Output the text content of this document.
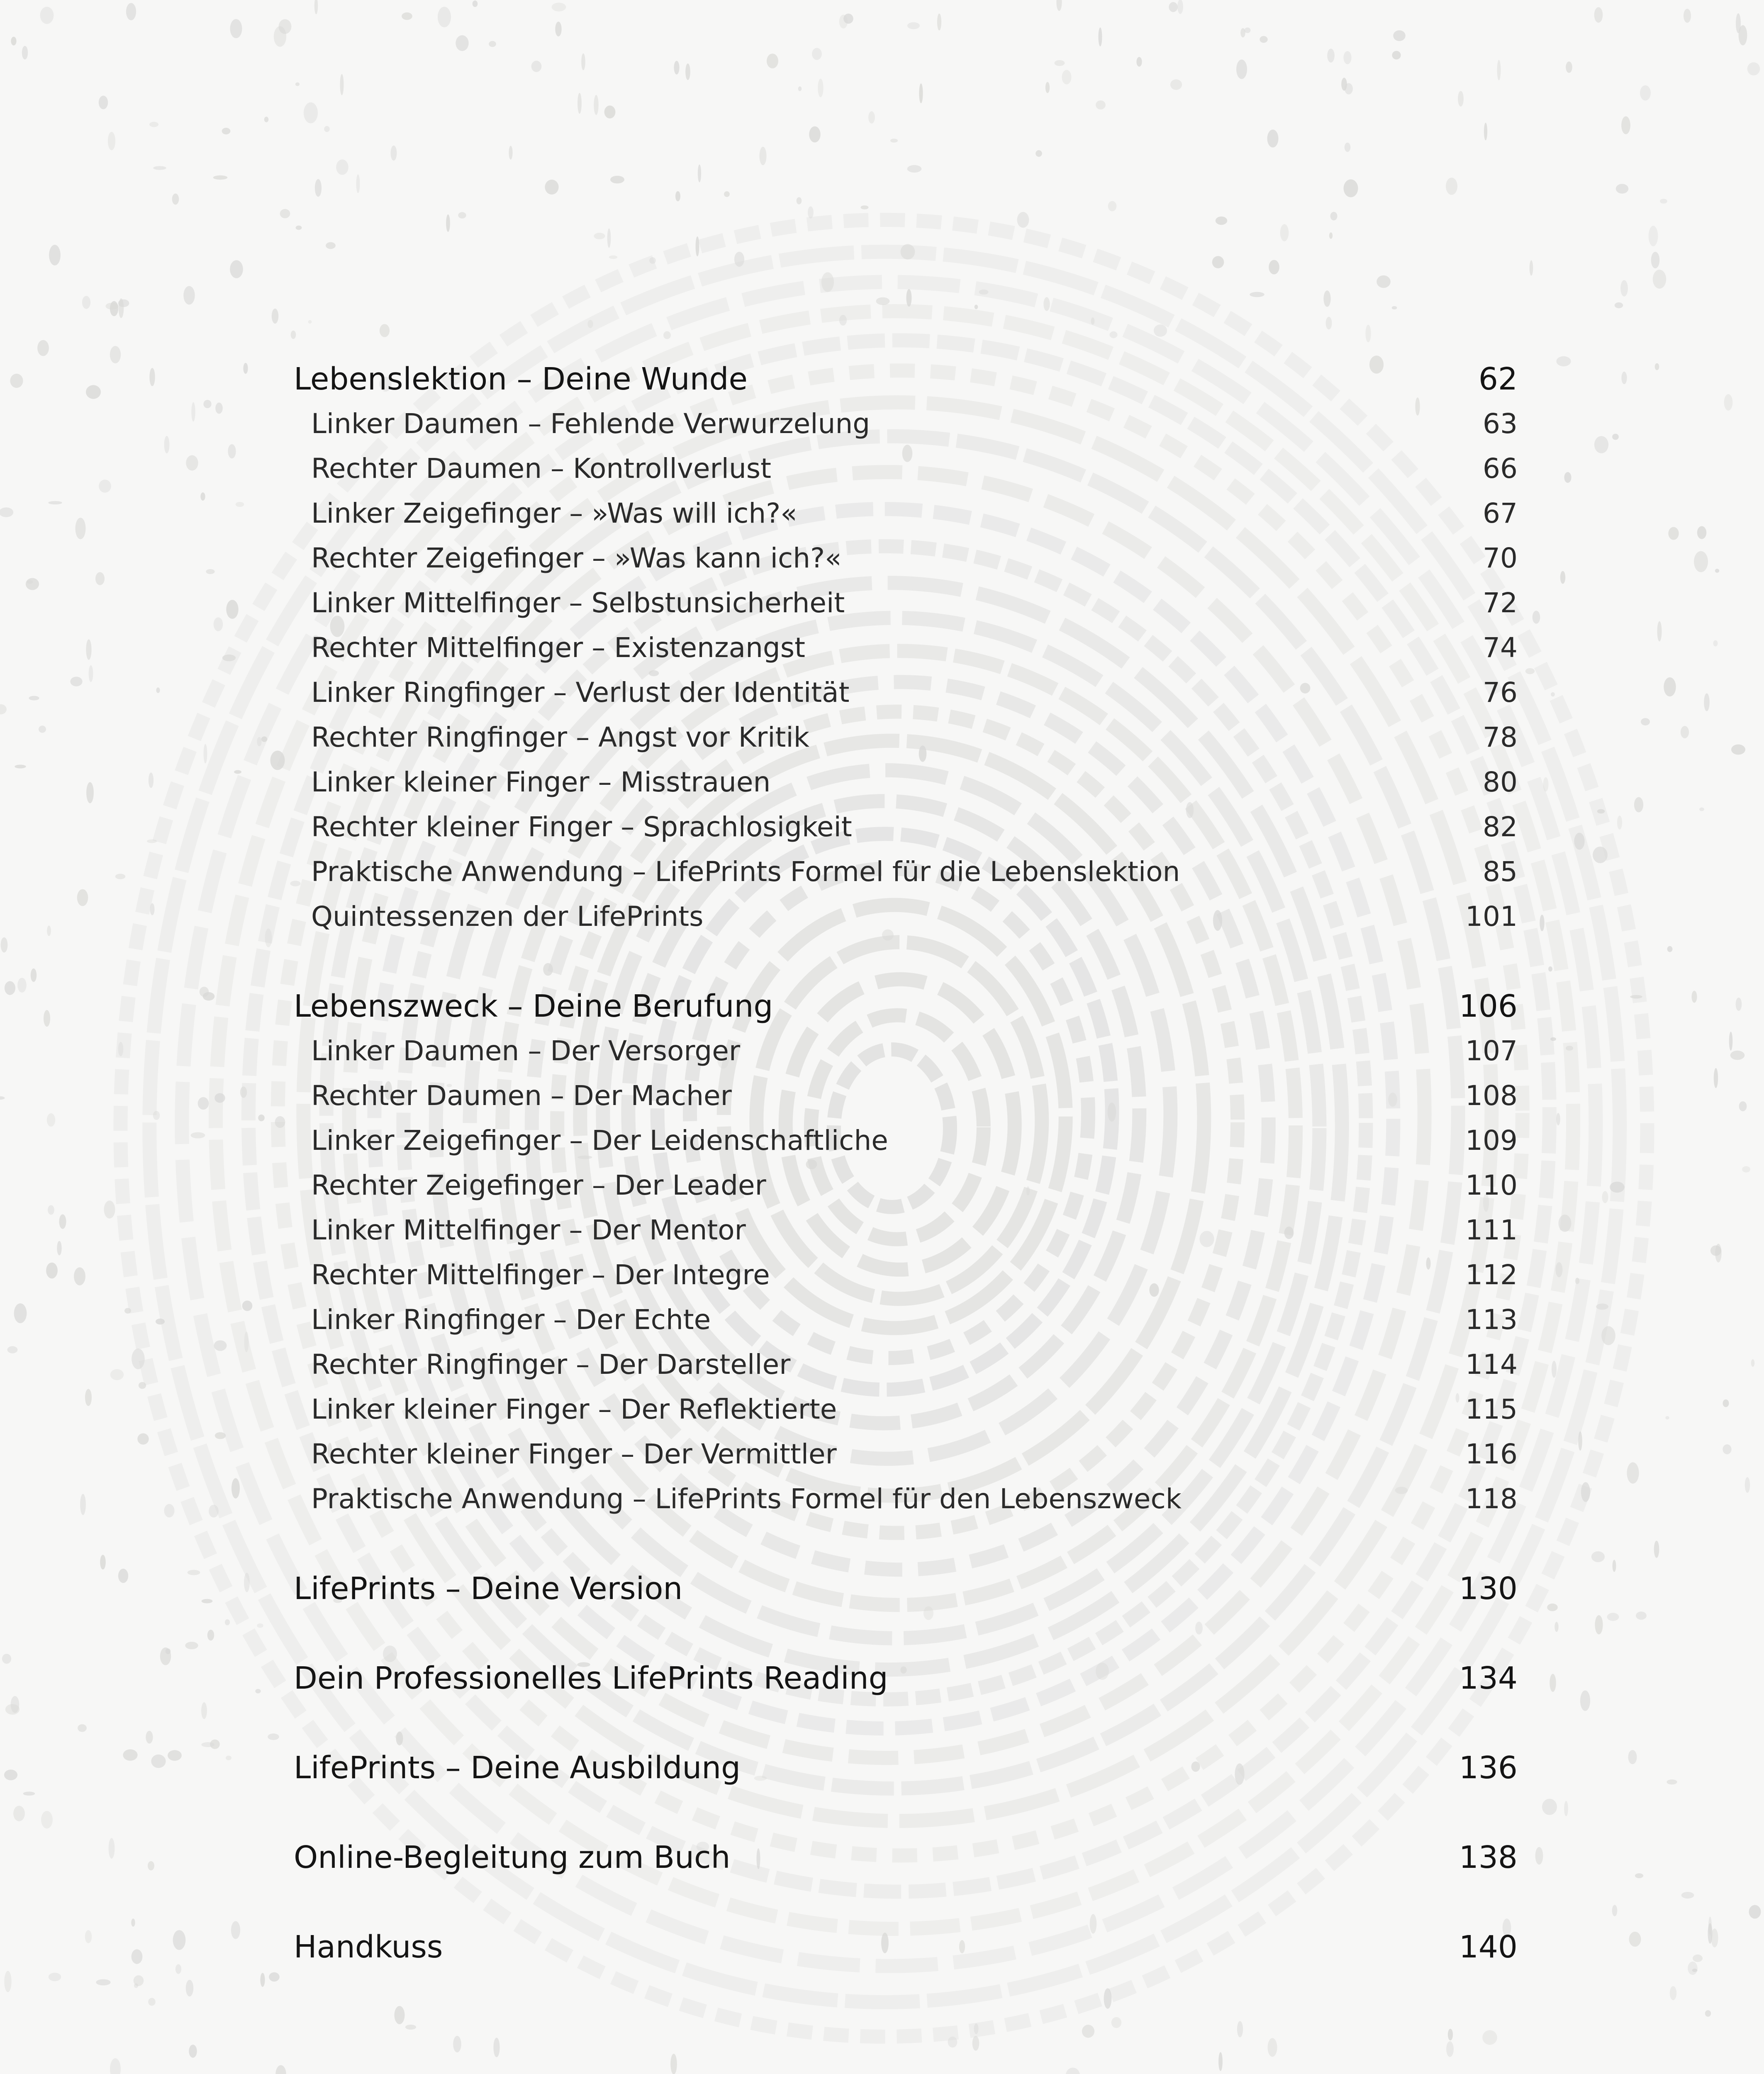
Lebenslektion – Deine Wunde	62
Linker Daumen – Fehlende Verwurzelung	63
Rechter Daumen – Kontrollverlust	66
Linker Zeigefinger – »Was will ich?«	67
Rechter Zeigefinger – »Was kann ich?«	70
Linker Mittelfinger – Selbstunsicherheit	72
Rechter Mittelfinger – Existenzangst	74
Linker Ringfinger – Verlust der Identität	76
Rechter Ringfinger – Angst vor Kritik	78
Linker kleiner Finger – Misstrauen	80
Rechter kleiner Finger – Sprachlosigkeit	82
Praktische Anwendung – LifePrints Formel für die Lebenslektion	85
Quintessenzen der LifePrints	101
Lebenszweck – Deine Berufung	106
Linker Daumen – Der Versorger	107
Rechter Daumen – Der Macher	108
Linker Zeigefinger – Der Leidenschaftliche	109
Rechter Zeigefinger – Der Leader	110
Linker Mittelfinger – Der Mentor	111
Rechter Mittelfinger – Der Integre	112
Linker Ringfinger – Der Echte	113
Rechter Ringfinger – Der Darsteller	114
Linker kleiner Finger – Der Reflektierte	115
Rechter kleiner Finger – Der Vermittler	116
Praktische Anwendung – LifePrints Formel für den Lebenszweck	118
LifePrints – Deine Version	130
Dein Professionelles LifePrints Reading	134
LifePrints – Deine Ausbildung	136
Online-Begleitung zum Buch	138
Handkuss	140
